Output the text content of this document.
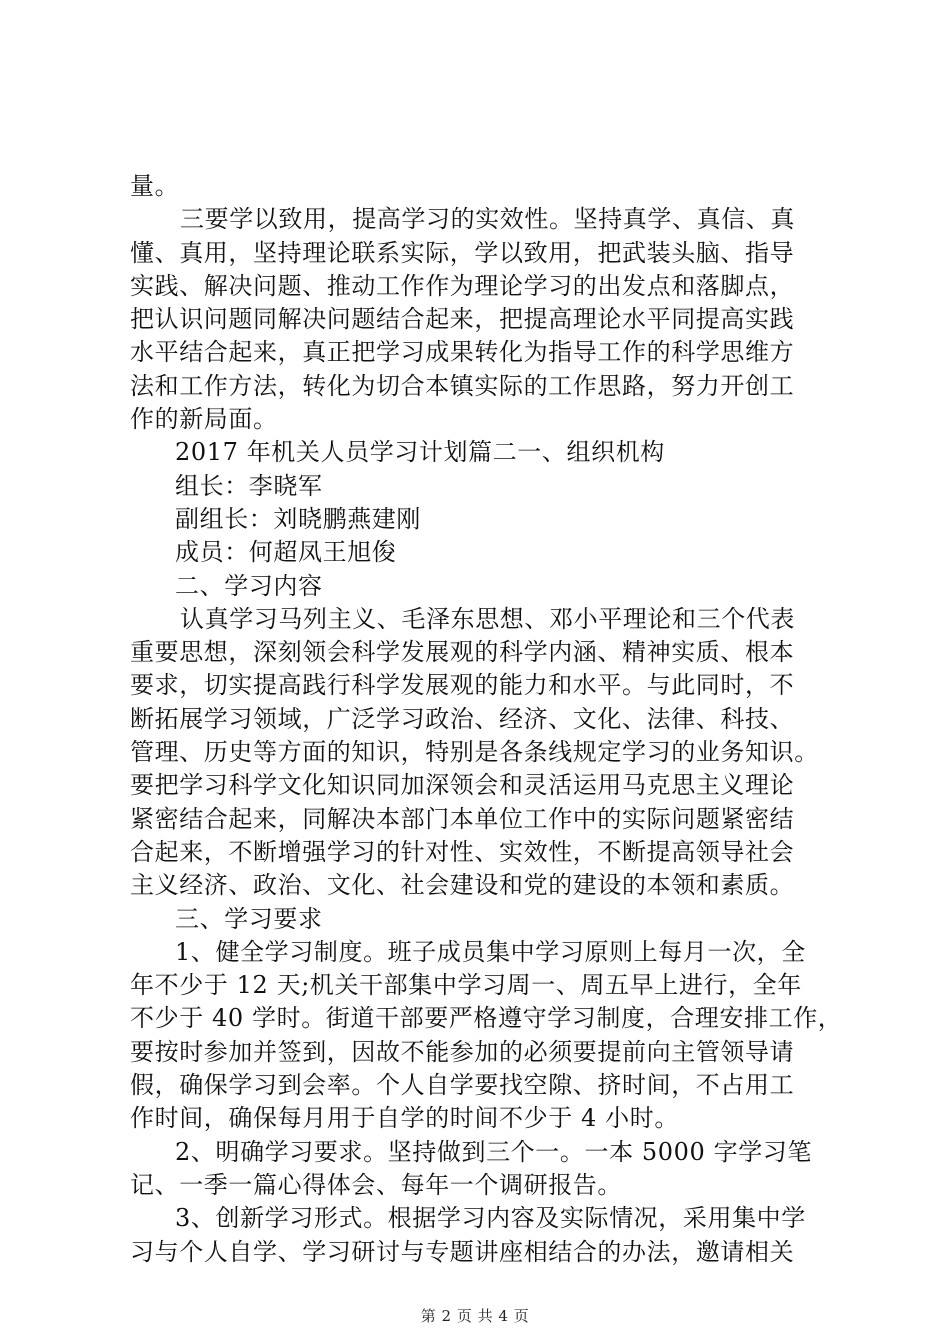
量。
三要学以致用，提高学习的实效性。坚持真学、真信、真
懂、真用，坚持理论联系实际，学以致用，把武装头脑、指导
实践、解决问题、推动工作作为理论学习的出发点和落脚点，
把认识问题同解决问题结合起来，把提高理论水平同提高实践
水平结合起来，真正把学习成果转化为指导工作的科学思维方
法和工作方法，转化为切合本镇实际的工作思路，努力开创工
作的新局面。
2017 年机关人员学习计划篇二一、组织机构
组长：李晓军
副组长：刘晓鹏燕建刚
成员：何超凤王旭俊
二、学习内容
认真学习马列主义、毛泽东思想、邓小平理论和三个代表
重要思想，深刻领会科学发展观的科学内涵、精神实质、根本
要求，切实提高践行科学发展观的能力和水平。与此同时，不
断拓展学习领域，广泛学习政治、经济、文化、法律、科技、
管理、历史等方面的知识，特别是各条线规定学习的业务知识。
要把学习科学文化知识同加深领会和灵活运用马克思主义理论
紧密结合起来，同解决本部门本单位工作中的实际问题紧密结
合起来，不断增强学习的针对性、实效性，不断提高领导社会
主义经济、政治、文化、社会建设和党的建设的本领和素质。
三、学习要求
1、健全学习制度。班子成员集中学习原则上每月一次，全
年不少于 12 天;机关干部集中学习周一、周五早上进行，全年
不少于 40 学时。街道干部要严格遵守学习制度，合理安排工作，
要按时参加并签到，因故不能参加的必须要提前向主管领导请
假，确保学习到会率。个人自学要找空隙、挤时间，不占用工
作时间，确保每月用于自学的时间不少于 4 小时。
2、明确学习要求。坚持做到三个一。一本 5000 字学习笔
记、一季一篇心得体会、每年一个调研报告。
3、创新学习形式。根据学习内容及实际情况，采用集中学
习与个人自学、学习研讨与专题讲座相结合的办法，邀请相关
第 2 页 共 4 页
